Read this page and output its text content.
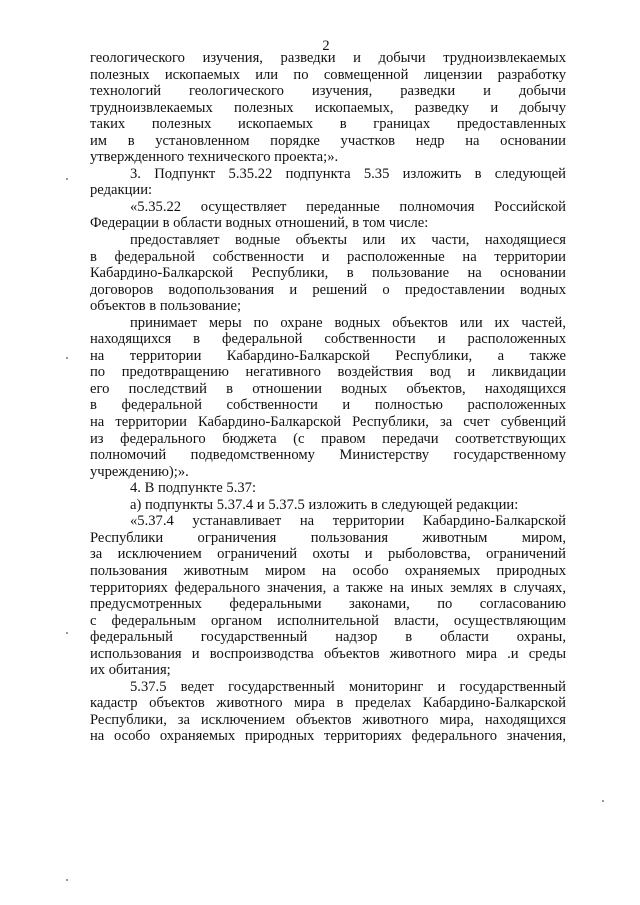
2
геологического изучения, разведки и добычи трудноизвлекаемых
полезных ископаемых или по совмещенной лицензии разработку
технологий геологического изучения, разведки и добычи
трудноизвлекаемых полезных ископаемых, разведку и добычу
таких полезных ископаемых в границах предоставленных
им в установленном порядке участков недр на основании
утвержденного технического проекта;».
3. Подпункт 5.35.22 подпункта 5.35 изложить в следующей
редакции:
«5.35.22 осуществляет переданные полномочия Российской
Федерации в области водных отношений, в том числе:
предоставляет водные объекты или их части, находящиеся
в федеральной собственности и расположенные на территории
Кабардино-Балкарской Республики, в пользование на основании
договоров водопользования и решений о предоставлении водных
объектов в пользование;
принимает меры по охране водных объектов или их частей,
находящихся в федеральной собственности и расположенных
на территории Кабардино-Балкарской Республики, а также
по предотвращению негативного воздействия вод и ликвидации
его последствий в отношении водных объектов, находящихся
в федеральной собственности и полностью расположенных
на территории Кабардино-Балкарской Республики, за счет субвенций
из федерального бюджета (с правом передачи соответствующих
полномочий подведомственному Министерству государственному
учреждению);».
4. В подпункте 5.37:
а) подпункты 5.37.4 и 5.37.5 изложить в следующей редакции:
«5.37.4 устанавливает на территории Кабардино-Балкарской
Республики ограничения пользования животным миром,
за исключением ограничений охоты и рыболовства, ограничений
пользования животным миром на особо охраняемых природных
территориях федерального значения, а также на иных землях в случаях,
предусмотренных федеральными законами, по согласованию
с федеральным органом исполнительной власти, осуществляющим
федеральный государственный надзор в области охраны,
использования и воспроизводства объектов животного мира .и среды
их обитания;
5.37.5 ведет государственный мониторинг и государственный
кадастр объектов животного мира в пределах Кабардино-Балкарской
Республики, за исключением объектов животного мира, находящихся
на особо охраняемых природных территориях федерального значения,
